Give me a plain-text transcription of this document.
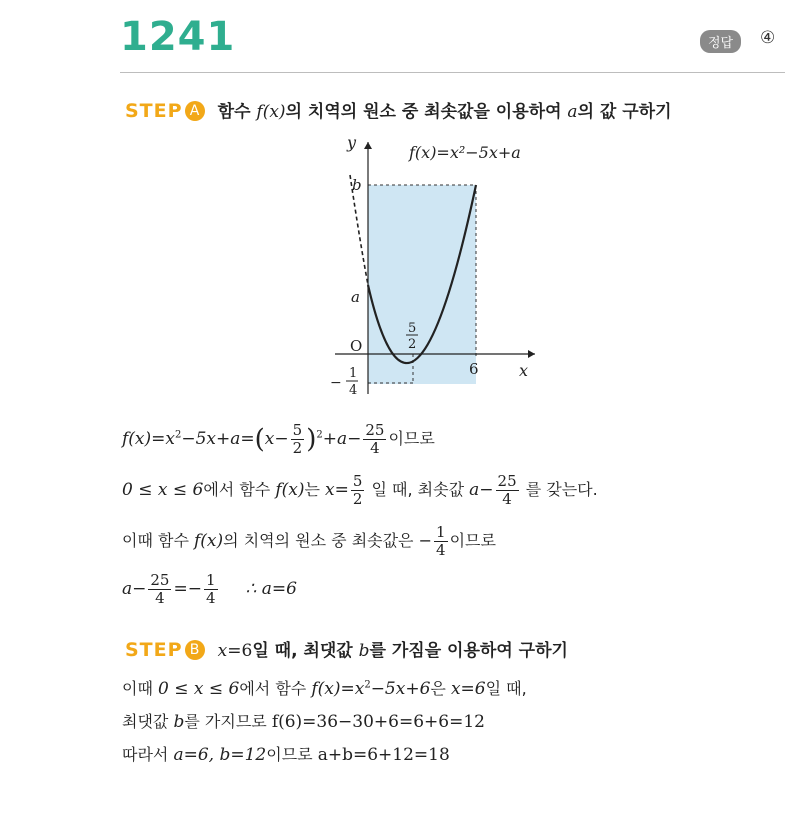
1241	정답	④
STEP A 함수 f(x)의 치역의 원소 중 최솟값을 이용하여 a의 값 구하기
y
x
f(x)=x²−5x+a
O
b
a
5
2
6
−
1
4
$f(x)=x^2-5x+a=(x- \frac{5}{2} )^2+a- \frac{25}{4}$ 이므로
0 ≤ x ≤ 6에서 함수 f(x)는 $x= \frac{5}{2}$ 일 때, 최솟값 $a- \frac{25}{4}$ 를 갖는다.
이때 함수 f(x)의 치역의 원소 중 최솟값은 − $\frac{1}{4}$ 이므로
$a- \frac{25}{4} =- \frac{1}{4}$ ∴ a=6
STEP B x=6일 때, 최댓값 b를 가짐을 이용하여 구하기
이때 0 ≤ x ≤ 6에서 함수 $f(x)=x^2-5x+6$은 x=6일 때,
최댓값 b를 가지므로 f(6)=36−30+6=6+6=12
따라서 a=6, b=12이므로 a+b=6+12=18
